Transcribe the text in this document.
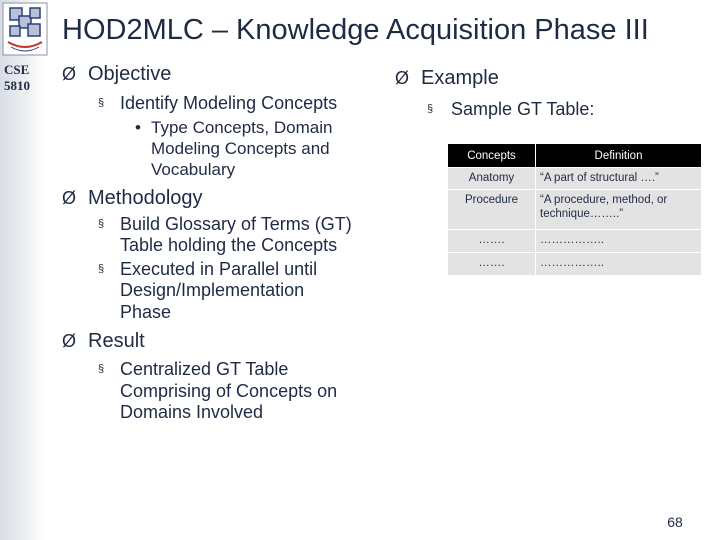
CSE 5810
HOD2MLC – Knowledge Acquisition Phase III
Ø Objective
§ Identify Modeling Concepts
• Type Concepts, Domain Modeling Concepts and Vocabulary
Ø Methodology
§ Build Glossary of Terms (GT) Table holding the Concepts
§ Executed in Parallel until Design/Implementation Phase
Ø Result
§ Centralized GT Table Comprising of Concepts on Domains Involved
Ø Example
§ Sample GT Table:
Concepts	Definition
Anatomy	“A part of structural ….”
Procedure	“A procedure, method, or technique……..”
…….	……………..
…….	……………..
68
